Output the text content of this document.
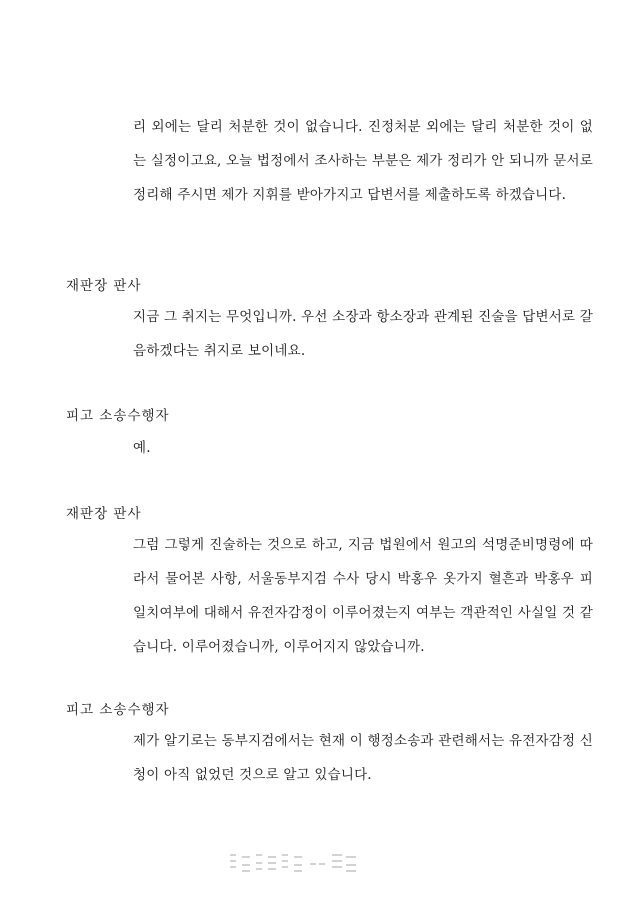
리 외에는 달리 처분한 것이 없습니다. 진정처분 외에는 달리 처분한 것이 없는 실정이고요, 오늘 법정에서 조사하는 부분은 제가 정리가 안 되니까 문서로 정리해 주시면 제가 지휘를 받아가지고 답변서를 제출하도록 하겠습니다.

재판장 판사

지금 그 취지는 무엇입니까. 우선 소장과 항소장과 관계된 진술을 답변서로 갈음하겠다는 취지로 보이네요.

피고 소송수행자

예.

재판장 판사

그럼 그렇게 진술하는 것으로 하고, 지금 법원에서 원고의 석명준비명령에 따라서 물어본 사항, 서울동부지검 수사 당시 박홍우 옷가지 혈흔과 박홍우 피 일치여부에 대해서 유전자감정이 이루어졌는지 여부는 객관적인 사실일 것 같습니다. 이루어졌습니까, 이루어지지 않았습니까.

피고 소송수행자

제가 알기로는 동부지검에서는 현재 이 행정소송과 관련해서는 유전자감정 신청이 아직 없었던 것으로 알고 있습니다.
